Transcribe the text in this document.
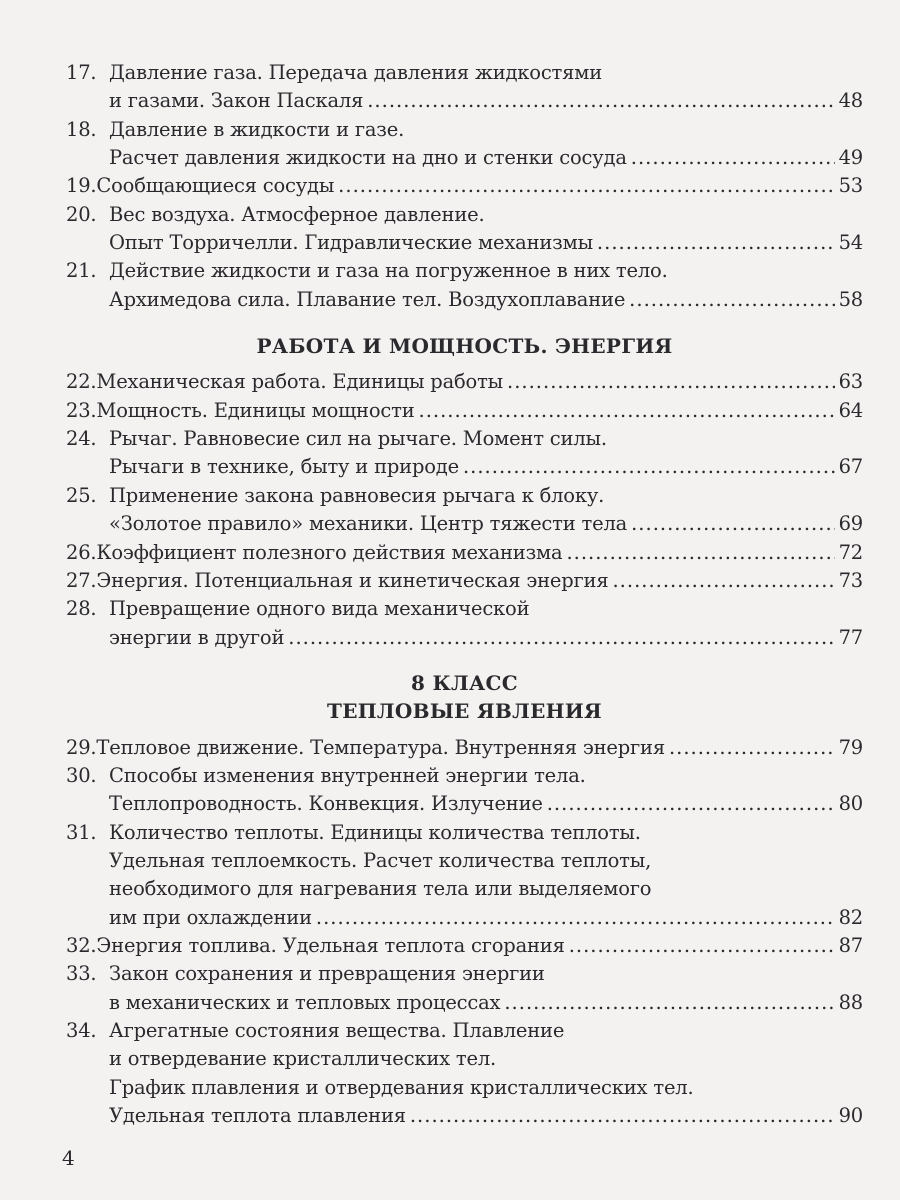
17. Давление газа. Передача давления жидкостями
и газами. Закон Паскаля .....	48
18. Давление в жидкости и газе.
Расчет давления жидкости на дно и стенки сосуда .....	49
19. Сообщающиеся сосуды .....	53
20. Вес воздуха. Атмосферное давление.
Опыт Торричелли. Гидравлические механизмы .....	54
21. Действие жидкости и газа на погруженное в них тело.
Архимедова сила. Плавание тел. Воздухоплавание .....	58
РАБОТА И МОЩНОСТЬ. ЭНЕРГИЯ
22. Механическая работа. Единицы работы .....	63
23. Мощность. Единицы мощности .....	64
24. Рычаг. Равновесие сил на рычаге. Момент силы.
Рычаги в технике, быту и природе .....	67
25. Применение закона равновесия рычага к блоку.
«Золотое правило» механики. Центр тяжести тела .....	69
26. Коэффициент полезного действия механизма .....	72
27. Энергия. Потенциальная и кинетическая энергия .....	73
28. Превращение одного вида механической
энергии в другой .....	77
8 КЛАСС
ТЕПЛОВЫЕ ЯВЛЕНИЯ
29. Тепловое движение. Температура. Внутренняя энергия .....	79
30. Способы изменения внутренней энергии тела.
Теплопроводность. Конвекция. Излучение .....	80
31. Количество теплоты. Единицы количества теплоты.
Удельная теплоемкость. Расчет количества теплоты,
необходимого для нагревания тела или выделяемого
им при охлаждении .....	82
32. Энергия топлива. Удельная теплота сгорания .....	87
33. Закон сохранения и превращения энергии
в механических и тепловых процессах .....	88
34. Агрегатные состояния вещества. Плавление
и отвердевание кристаллических тел.
График плавления и отвердевания кристаллических тел.
Удельная теплота плавления .....	90
4
